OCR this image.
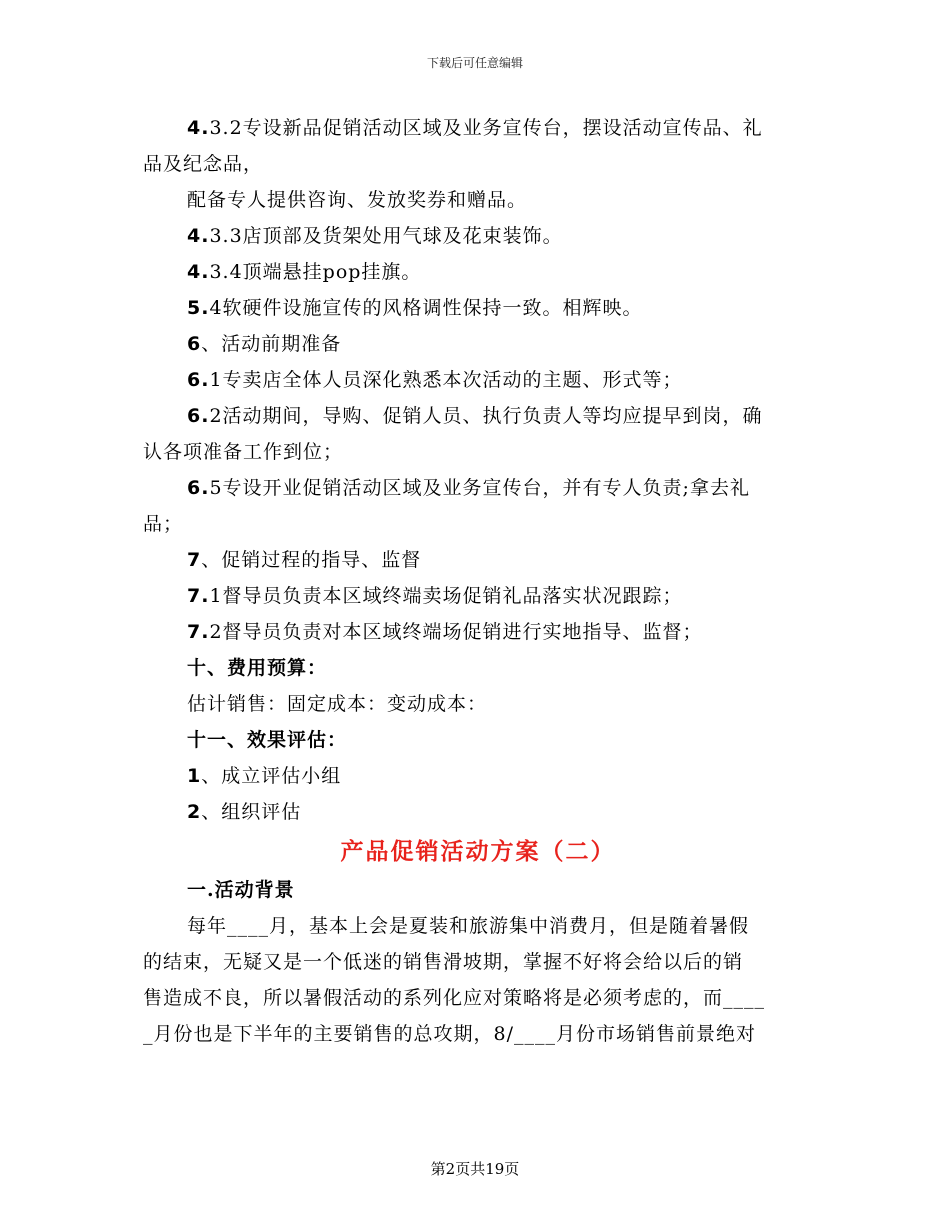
下载后可任意编辑
4.3.2专设新品促销活动区域及业务宣传台，摆设活动宣传品、礼
品及纪念品，
配备专人提供咨询、发放奖券和赠品。
4.3.3店顶部及货架处用气球及花束装饰。
4.3.4顶端悬挂pop挂旗。
5.4软硬件设施宣传的风格调性保持一致。相辉映。
6、活动前期准备
6.1专卖店全体人员深化熟悉本次活动的主题、形式等；
6.2活动期间，导购、促销人员、执行负责人等均应提早到岗，确
认各项准备工作到位；
6.5专设开业促销活动区域及业务宣传台，并有专人负责;拿去礼
品；
7、促销过程的指导、监督
7.1督导员负责本区域终端卖场促销礼品落实状况跟踪；
7.2督导员负责对本区域终端场促销进行实地指导、监督；
十、费用预算：
估计销售：固定成本：变动成本：
十一、效果评估：
1、成立评估小组
2、组织评估
产品促销活动方案（二）
一.活动背景
每年____月，基本上会是夏装和旅游集中消费月，但是随着暑假
的结束，无疑又是一个低迷的销售滑坡期，掌握不好将会给以后的销
售造成不良，所以暑假活动的系列化应对策略将是必须考虑的，而____
_月份也是下半年的主要销售的总攻期，8/____月份市场销售前景绝对
第2页共19页
